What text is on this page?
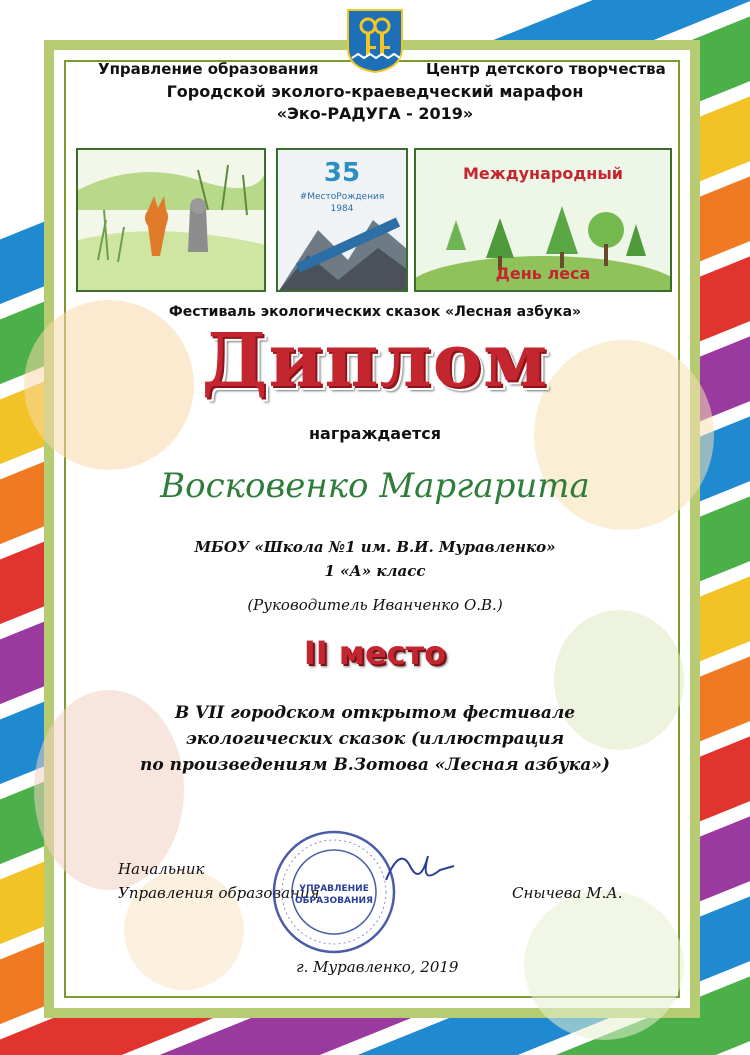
Управление образования	Центр детского творчества
Городской эколого-краеведческий марафон
«Эко-РАДУГА - 2019»
35
#МестоРождения
1984
Международный
День леса
Фестиваль экологических сказок «Лесная азбука»
Диплом
награждается
Восковенко Маргарита
МБОУ «Школа №1 им. В.И. Муравленко»
1 «А» класс
(Руководитель Иванченко О.В.)
II место
В VII городском открытом фестивале
экологических сказок (иллюстрация
по произведениям В.Зотова «Лесная азбука»)
Начальник
Управления образования	Снычева М.А.
УПРАВЛЕНИЕ
ОБРАЗОВАНИЯ
г. Муравленко, 2019
